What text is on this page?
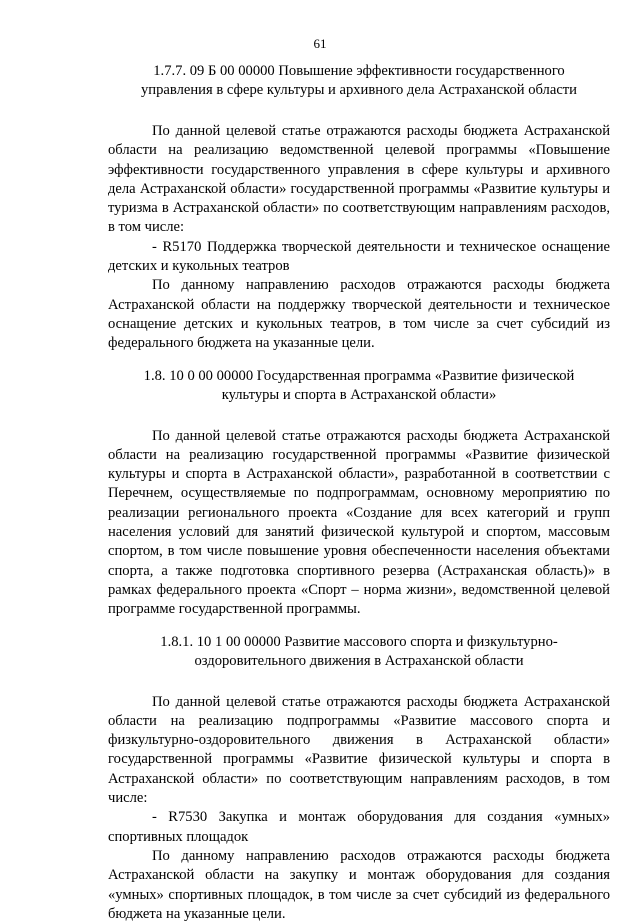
61

1.7.7. 09 Б 00 00000 Повышение эффективности государственного управления в сфере культуры и архивного дела Астраханской области

По данной целевой статье отражаются расходы бюджета Астраханской области на реализацию ведомственной целевой программы «Повышение эффективности государственного управления в сфере культуры и архивного дела Астраханской области» государственной программы «Развитие культуры и туризма в Астраханской области» по соответствующим направлениям расходов, в том числе:

- R5170 Поддержка творческой деятельности и техническое оснащение детских и кукольных театров

По данному направлению расходов отражаются расходы бюджета Астраханской области на поддержку творческой деятельности и техническое оснащение детских и кукольных театров, в том числе за счет субсидий из федерального бюджета на указанные цели.

1.8. 10 0 00 00000 Государственная программа «Развитие физической культуры и спорта в Астраханской области»

По данной целевой статье отражаются расходы бюджета Астраханской области на реализацию государственной программы «Развитие физической культуры и спорта в Астраханской области», разработанной в соответствии с Перечнем, осуществляемые по подпрограммам, основному мероприятию по реализации регионального проекта «Создание для всех категорий и групп населения условий для занятий физической культурой и спортом, массовым спортом, в том числе повышение уровня обеспеченности населения объектами спорта, а также подготовка спортивного резерва (Астраханская область)» в рамках федерального проекта «Спорт – норма жизни», ведомственной целевой программе государственной программы.

1.8.1. 10 1 00 00000 Развитие массового спорта и физкультурно-оздоровительного движения в Астраханской области

По данной целевой статье отражаются расходы бюджета Астраханской области на реализацию подпрограммы «Развитие массового спорта и физкультурно-оздоровительного движения в Астраханской области» государственной программы «Развитие физической культуры и спорта в Астраханской области» по соответствующим направлениям расходов, в том числе:

- R7530 Закупка и монтаж оборудования для создания «умных» спортивных площадок

По данному направлению расходов отражаются расходы бюджета Астраханской области на закупку и монтаж оборудования для создания «умных» спортивных площадок, в том числе за счет субсидий из федерального бюджета на указанные цели.
